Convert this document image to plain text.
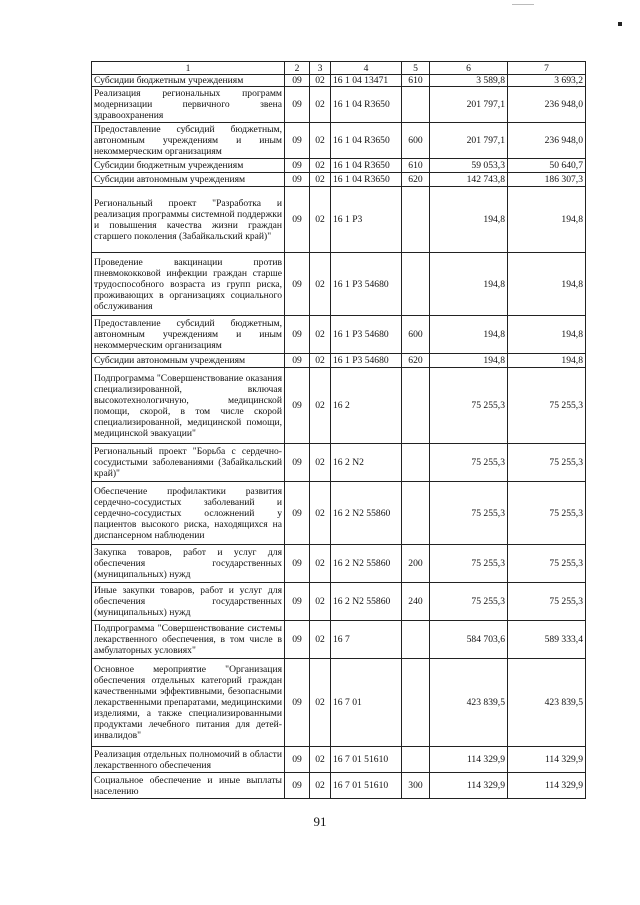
1	2	3	4	5	6	7
Субсидии бюджетным учреждениям	09	02	16 1 04 13471	610	3 589,8	3 693,2
Реализация региональных программ модернизации первичного звена здравоохранения	09	02	16 1 04 R3650		201 797,1	236 948,0
Предоставление субсидий бюджетным, автономным учреждениям и иным некоммерческим организациям	09	02	16 1 04 R3650	600	201 797,1	236 948,0
Субсидии бюджетным учреждениям	09	02	16 1 04 R3650	610	59 053,3	50 640,7
Субсидии автономным учреждениям	09	02	16 1 04 R3650	620	142 743,8	186 307,3
Региональный проект "Разработка и реализация программы системной поддержки и повышения качества жизни граждан старшего поколения (Забайкальский край)"	09	02	16 1 P3		194,8	194,8
Проведение вакцинации против пневмококковой инфекции граждан старше трудоспособного возраста из групп риска, проживающих в организациях социального обслуживания	09	02	16 1 P3 54680		194,8	194,8
Предоставление субсидий бюджетным, автономным учреждениям и иным некоммерческим организациям	09	02	16 1 P3 54680	600	194,8	194,8
Субсидии автономным учреждениям	09	02	16 1 P3 54680	620	194,8	194,8
Подпрограмма "Совершенствование оказания специализированной, включая высокотехнологичную, медицинской помощи, скорой, в том числе скорой специализированной, медицинской помощи, медицинской эвакуации"	09	02	16 2		75 255,3	75 255,3
Региональный проект "Борьба с сердечно-сосудистыми заболеваниями (Забайкальский край)"	09	02	16 2 N2		75 255,3	75 255,3
Обеспечение профилактики развития сердечно-сосудистых заболеваний и сердечно-сосудистых осложнений у пациентов высокого риска, находящихся на диспансерном наблюдении	09	02	16 2 N2 55860		75 255,3	75 255,3
Закупка товаров, работ и услуг для обеспечения государственных (муниципальных) нужд	09	02	16 2 N2 55860	200	75 255,3	75 255,3
Иные закупки товаров, работ и услуг для обеспечения государственных (муниципальных) нужд	09	02	16 2 N2 55860	240	75 255,3	75 255,3
Подпрограмма "Совершенствование системы лекарственного обеспечения, в том числе в амбулаторных условиях"	09	02	16 7		584 703,6	589 333,4
Основное мероприятие "Организация обеспечения отдельных категорий граждан качественными эффективными, безопасными лекарственными препаратами, медицинскими изделиями, а также специализированными продуктами лечебного питания для детей-инвалидов"	09	02	16 7 01		423 839,5	423 839,5
Реализация отдельных полномочий в области лекарственного обеспечения	09	02	16 7 01 51610		114 329,9	114 329,9
Социальное обеспечение и иные выплаты населению	09	02	16 7 01 51610	300	114 329,9	114 329,9
91
